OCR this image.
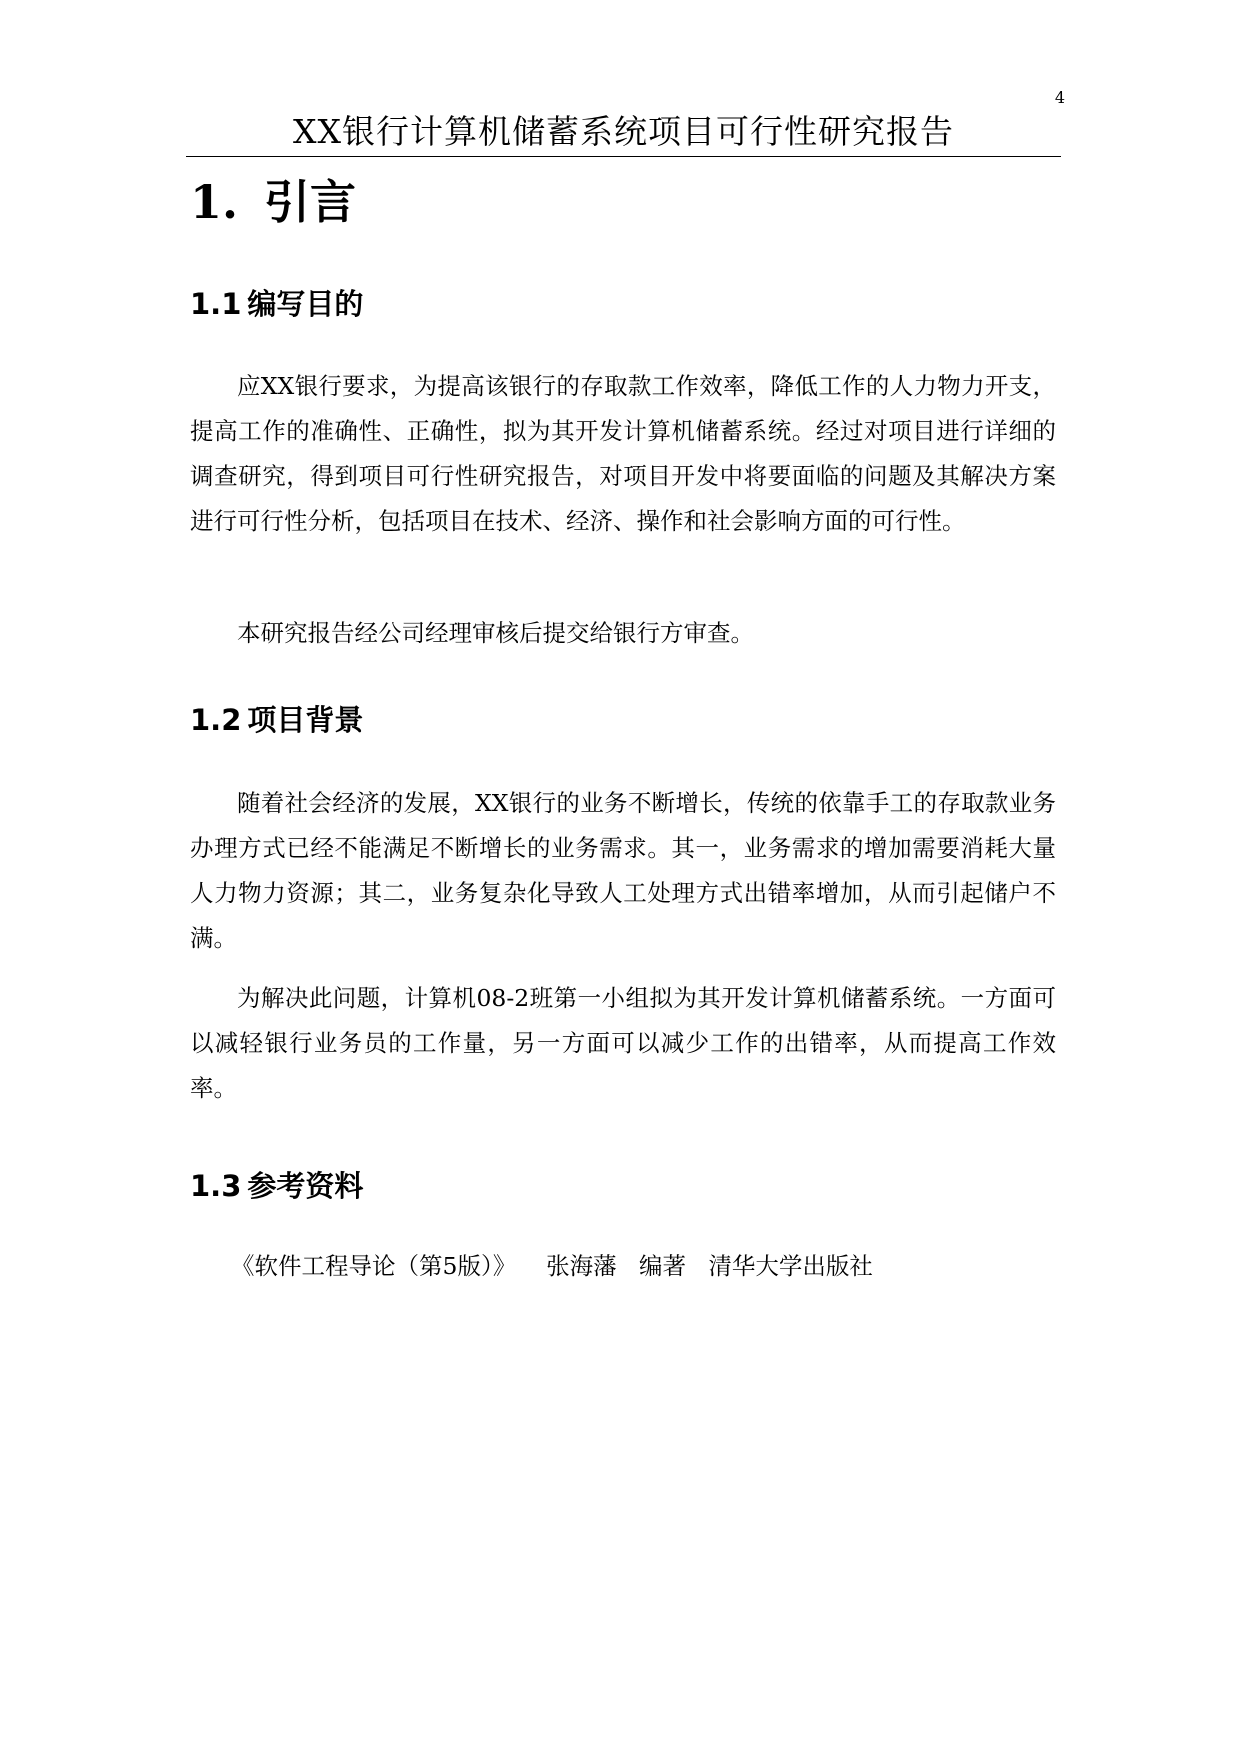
4
XX银行计算机储蓄系统项目可行性研究报告
1. 引言
1.1 编写目的

应XX银行要求，为提高该银行的存取款工作效率，降低工作的人力物力开支，提高工作的准确性、正确性，拟为其开发计算机储蓄系统。经过对项目进行详细的调查研究，得到项目可行性研究报告，对项目开发中将要面临的问题及其解决方案进行可行性分析，包括项目在技术、经济、操作和社会影响方面的可行性。

本研究报告经公司经理审核后提交给银行方审查。

1.2 项目背景

随着社会经济的发展，XX银行的业务不断增长，传统的依靠手工的存取款业务办理方式已经不能满足不断增长的业务需求。其一，业务需求的增加需要消耗大量人力物力资源；其二，业务复杂化导致人工处理方式出错率增加，从而引起储户不满。

为解决此问题，计算机08-2班第一小组拟为其开发计算机储蓄系统。一方面可以减轻银行业务员的工作量，另一方面可以减少工作的出错率，从而提高工作效率。

1.3 参考资料

《软件工程导论（第5版）》 张海藩 编著 清华大学出版社
